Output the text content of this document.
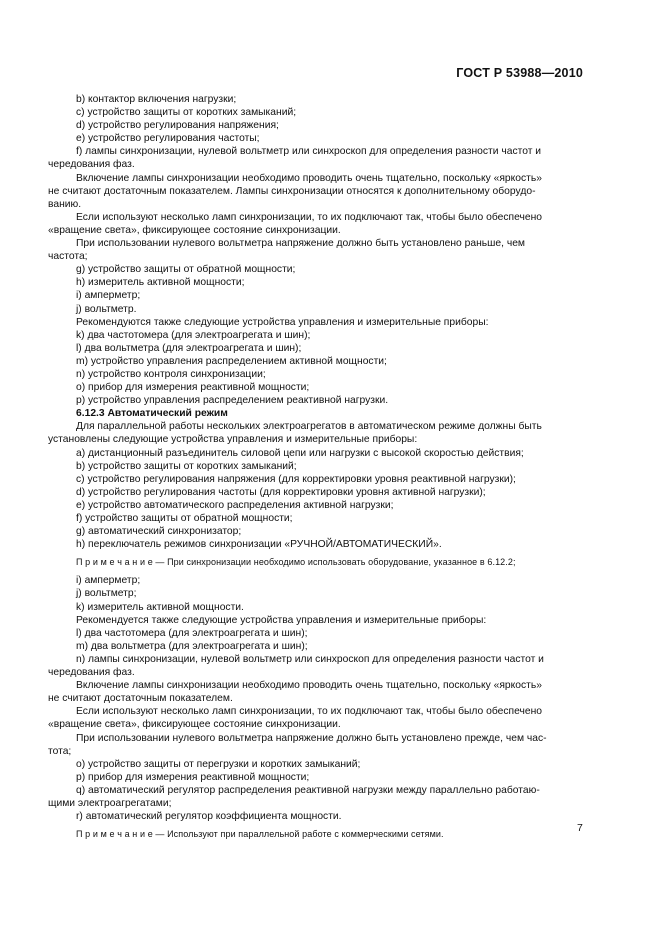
ГОСТ Р 53988—2010
b) контактор включения нагрузки;
c) устройство защиты от коротких замыканий;
d) устройство регулирования напряжения;
e) устройство регулирования частоты;
f) лампы синхронизации, нулевой вольтметр или синхроскоп для определения разности частот и
чередования фаз.
Включение лампы синхронизации необходимо проводить очень тщательно, поскольку «яркость»
не считают достаточным показателем. Лампы синхронизации относятся к дополнительному оборудо-
ванию.
Если используют несколько ламп синхронизации, то их подключают так, чтобы было обеспечено
«вращение света», фиксирующее состояние синхронизации.
При использовании нулевого вольтметра напряжение должно быть установлено раньше, чем
частота;
g) устройство защиты от обратной мощности;
h) измеритель активной мощности;
i) амперметр;
j) вольтметр.
Рекомендуются также следующие устройства управления и измерительные приборы:
k) два частотомера (для электроагрегата и шин);
l) два вольтметра (для электроагрегата и шин);
m) устройство управления распределением активной мощности;
n) устройство контроля синхронизации;
o) прибор для измерения реактивной мощности;
p) устройство управления распределением реактивной нагрузки.
6.12.3 Автоматический режим
Для параллельной работы нескольких электроагрегатов в автоматическом режиме должны быть
установлены следующие устройства управления и измерительные приборы:
a) дистанционный разъединитель силовой цепи или нагрузки с высокой скоростью действия;
b) устройство защиты от коротких замыканий;
c) устройство регулирования напряжения (для корректировки уровня реактивной нагрузки);
d) устройство регулирования частоты (для корректировки уровня активной нагрузки);
e) устройство автоматического распределения активной нагрузки;
f) устройство защиты от обратной мощности;
g) автоматический синхронизатор;
h) переключатель режимов синхронизации «РУЧНОЙ/АВТОМАТИЧЕСКИЙ».
П р и м е ч а н и е — При синхронизации необходимо использовать оборудование, указанное в 6.12.2;
i) амперметр;
j) вольтметр;
k) измеритель активной мощности.
Рекомендуется также следующие устройства управления и измерительные приборы:
l) два частотомера (для электроагрегата и шин);
m) два вольтметра (для электроагрегата и шин);
n) лампы синхронизации, нулевой вольтметр или синхроскоп для определения разности частот и
чередования фаз.
Включение лампы синхронизации необходимо проводить очень тщательно, поскольку «яркость»
не считают достаточным показателем.
Если используют несколько ламп синхронизации, то их подключают так, чтобы было обеспечено
«вращение света», фиксирующее состояние синхронизации.
При использовании нулевого вольтметра напряжение должно быть установлено прежде, чем час-
тота;
o) устройство защиты от перегрузки и коротких замыканий;
p) прибор для измерения реактивной мощности;
q) автоматический регулятор распределения реактивной нагрузки между параллельно работаю-
щими электроагрегатами;
r) автоматический регулятор коэффициента мощности.
П р и м е ч а н и е — Используют при параллельной работе с коммерческими сетями.
7
